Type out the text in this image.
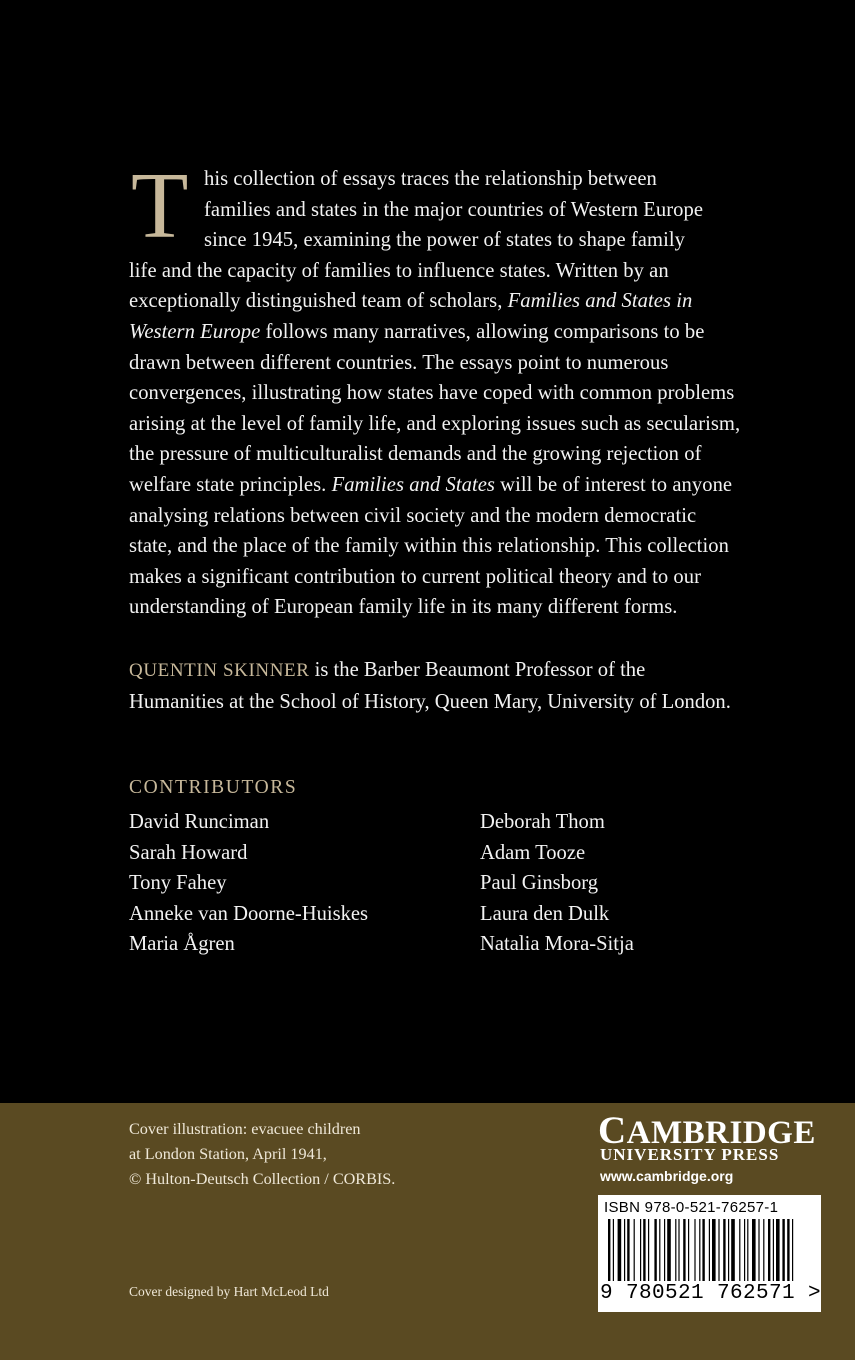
T his collection of essays traces the relationship between
families and states in the major countries of Western Europe
since 1945, examining the power of states to shape family
life and the capacity of families to influence states. Written by an
exceptionally distinguished team of scholars, Families and States in
Western Europe follows many narratives, allowing comparisons to be
drawn between different countries. The essays point to numerous
convergences, illustrating how states have coped with common problems
arising at the level of family life, and exploring issues such as secularism,
the pressure of multiculturalist demands and the growing rejection of
welfare state principles. Families and States will be of interest to anyone
analysing relations between civil society and the modern democratic
state, and the place of the family within this relationship. This collection
makes a significant contribution to current political theory and to our
understanding of European family life in its many different forms.

QUENTIN SKINNER is the Barber Beaumont Professor of the
Humanities at the School of History, Queen Mary, University of London.

CONTRIBUTORS
David Runciman
Sarah Howard
Tony Fahey
Anneke van Doorne-Huiskes
Maria Ågren
Deborah Thom
Adam Tooze
Paul Ginsborg
Laura den Dulk
Natalia Mora-Sitja
Cover illustration: evacuee children
at London Station, April 1941,
© Hulton-Deutsch Collection / CORBIS.
Cover designed by Hart McLeod Ltd
CAMBRIDGE
UNIVERSITY PRESS
www.cambridge.org
ISBN 978-0-521-76257-1
9 780521 762571 >
